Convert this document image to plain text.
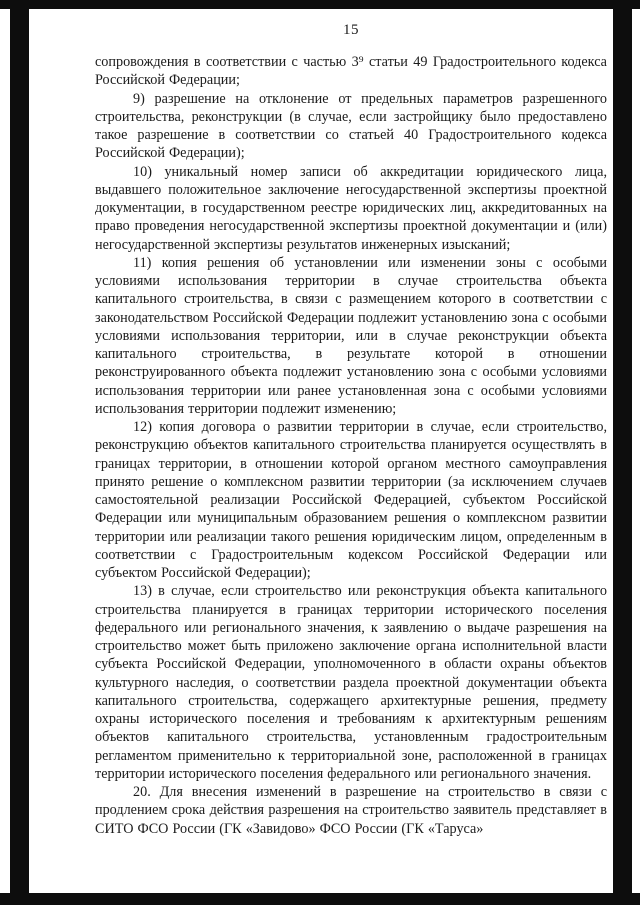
15

сопровождения в соответствии с частью 3⁹ статьи 49 Градостроительного кодекса Российской Федерации;

9) разрешение на отклонение от предельных параметров разрешенного строительства, реконструкции (в случае, если застройщику было предоставлено такое разрешение в соответствии со статьей 40 Градостроительного кодекса Российской Федерации);

10) уникальный номер записи об аккредитации юридического лица, выдавшего положительное заключение негосударственной экспертизы проектной документации, в государственном реестре юридических лиц, аккредитованных на право проведения негосударственной экспертизы проектной документации и (или) негосударственной экспертизы результатов инженерных изысканий;

11) копия решения об установлении или изменении зоны с особыми условиями использования территории в случае строительства объекта капитального строительства, в связи с размещением которого в соответствии с законодательством Российской Федерации подлежит установлению зона с особыми условиями использования территории, или в случае реконструкции объекта капитального строительства, в результате которой в отношении реконструированного объекта подлежит установлению зона с особыми условиями использования территории или ранее установленная зона с особыми условиями использования территории подлежит изменению;

12) копия договора о развитии территории в случае, если строительство, реконструкцию объектов капитального строительства планируется осуществлять в границах территории, в отношении которой органом местного самоуправления принято решение о комплексном развитии территории (за исключением случаев самостоятельной реализации Российской Федерацией, субъектом Российской Федерации или муниципальным образованием решения о комплексном развитии территории или реализации такого решения юридическим лицом, определенным в соответствии с Градостроительным кодексом Российской Федерации или субъектом Российской Федерации);

13) в случае, если строительство или реконструкция объекта капитального строительства планируется в границах территории исторического поселения федерального или регионального значения, к заявлению о выдаче разрешения на строительство может быть приложено заключение органа исполнительной власти субъекта Российской Федерации, уполномоченного в области охраны объектов культурного наследия, о соответствии раздела проектной документации объекта капитального строительства, содержащего архитектурные решения, предмету охраны исторического поселения и требованиям к архитектурным решениям объектов капитального строительства, установленным градостроительным регламентом применительно к территориальной зоне, расположенной в границах территории исторического поселения федерального или регионального значения.

20. Для внесения изменений в разрешение на строительство в связи с продлением срока действия разрешения на строительство заявитель представляет в СИТО ФСО России (ГК «Завидово» ФСО России (ГК «Таруса»
